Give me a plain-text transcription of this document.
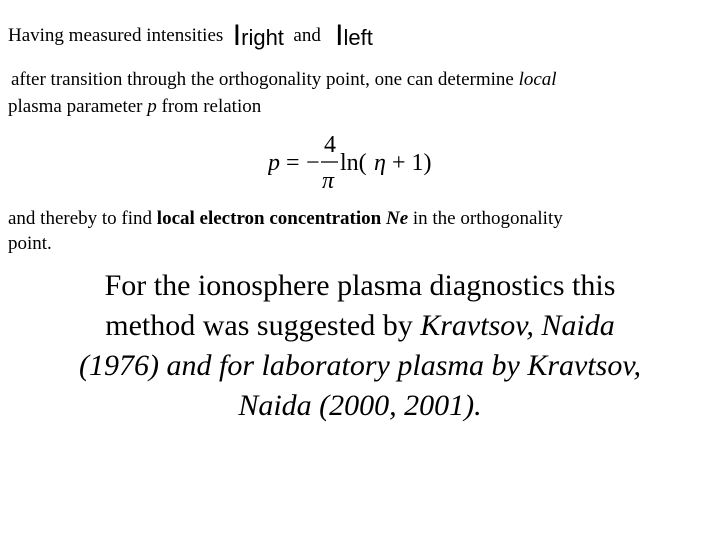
Having measured intensities Iright and Ileft
after transition through the orthogonality point, one can determine local
plasma parameter p from relation
p = −
4
π
ln( η + 1)
and thereby to find local electron concentration Ne in the orthogonality
point.
For the ionosphere plasma diagnostics this
method was suggested by Kravtsov, Naida
(1976) and for laboratory plasma by Kravtsov,
Naida (2000, 2001).
